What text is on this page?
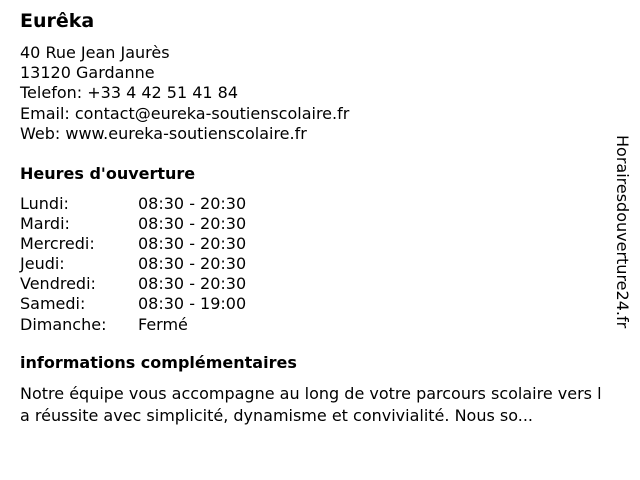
Eurêka
40 Rue Jean Jaurès
13120 Gardanne
Telefon: +33 4 42 51 41 84
Email: contact@eureka-soutienscolaire.fr
Web: www.eureka-soutienscolaire.fr
Heures d'ouverture
Lundi:	08:30 - 20:30
Mardi:	08:30 - 20:30
Mercredi:	08:30 - 20:30
Jeudi:	08:30 - 20:30
Vendredi:	08:30 - 20:30
Samedi:	08:30 - 19:00
Dimanche:	Fermé
informations complémentaires
Notre équipe vous accompagne au long de votre parcours scolaire vers la réussite avec simplicité, dynamisme et convivialité. Nous so...
Horairesdouverture24.fr
